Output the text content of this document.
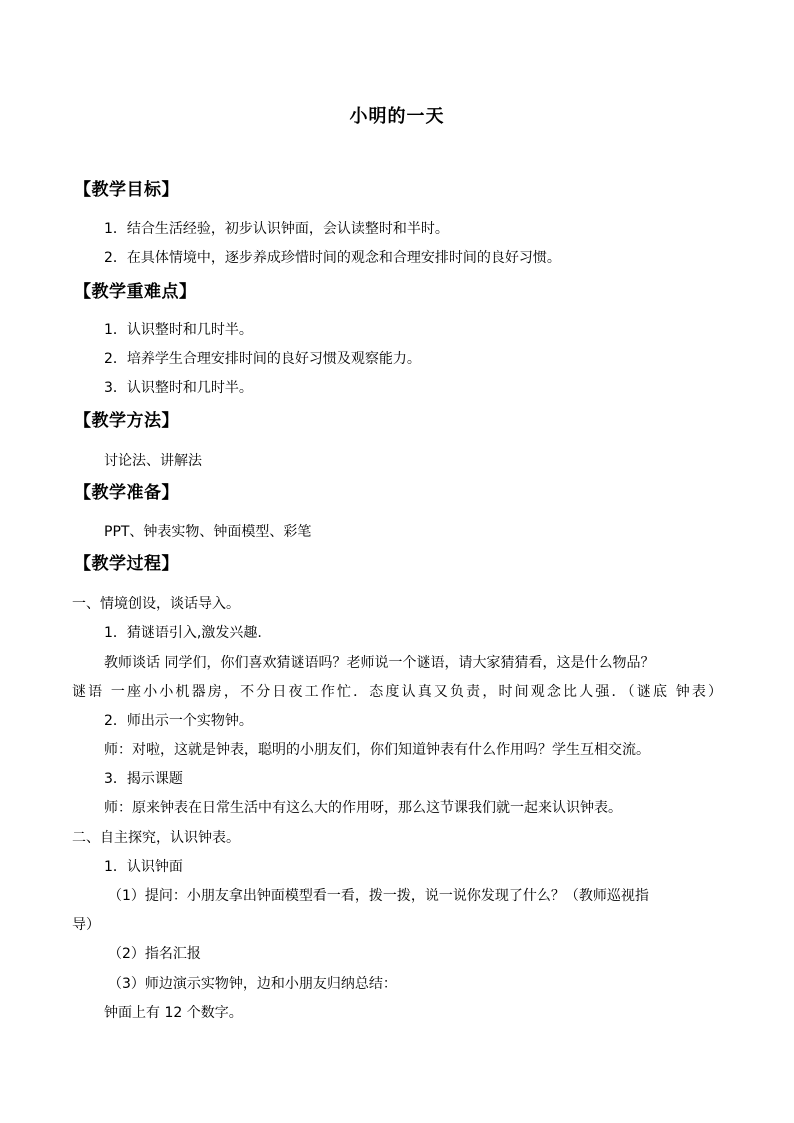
小明的一天
【教学目标】
1．结合生活经验，初步认识钟面，会认读整时和半时。
2．在具体情境中，逐步养成珍惜时间的观念和合理安排时间的良好习惯。
【教学重难点】
1．认识整时和几时半。
2．培养学生合理安排时间的良好习惯及观察能力。
3．认识整时和几时半。
【教学方法】
讨论法、讲解法
【教学准备】
PPT、钟表实物、钟面模型、彩笔
【教学过程】
一、情境创设，谈话导入。
1．猜谜语引入,激发兴趣.
教师谈话 同学们，你们喜欢猜谜语吗？老师说一个谜语，请大家猜猜看，这是什么物品？
谜语 一座小小机器房，不分日夜工作忙．态度认真又负责，时间观念比人强．（谜底 钟表）
2．师出示一个实物钟。
师：对啦，这就是钟表，聪明的小朋友们，你们知道钟表有什么作用吗？学生互相交流。
3．揭示课题
师：原来钟表在日常生活中有这么大的作用呀，那么这节课我们就一起来认识钟表。
二、自主探究，认识钟表。
1．认识钟面
（1）提问：小朋友拿出钟面模型看一看，拨一拨，说一说你发现了什么？（教师巡视指
导）
（2）指名汇报
（3）师边演示实物钟，边和小朋友归纳总结：
钟面上有 12 个数字。
